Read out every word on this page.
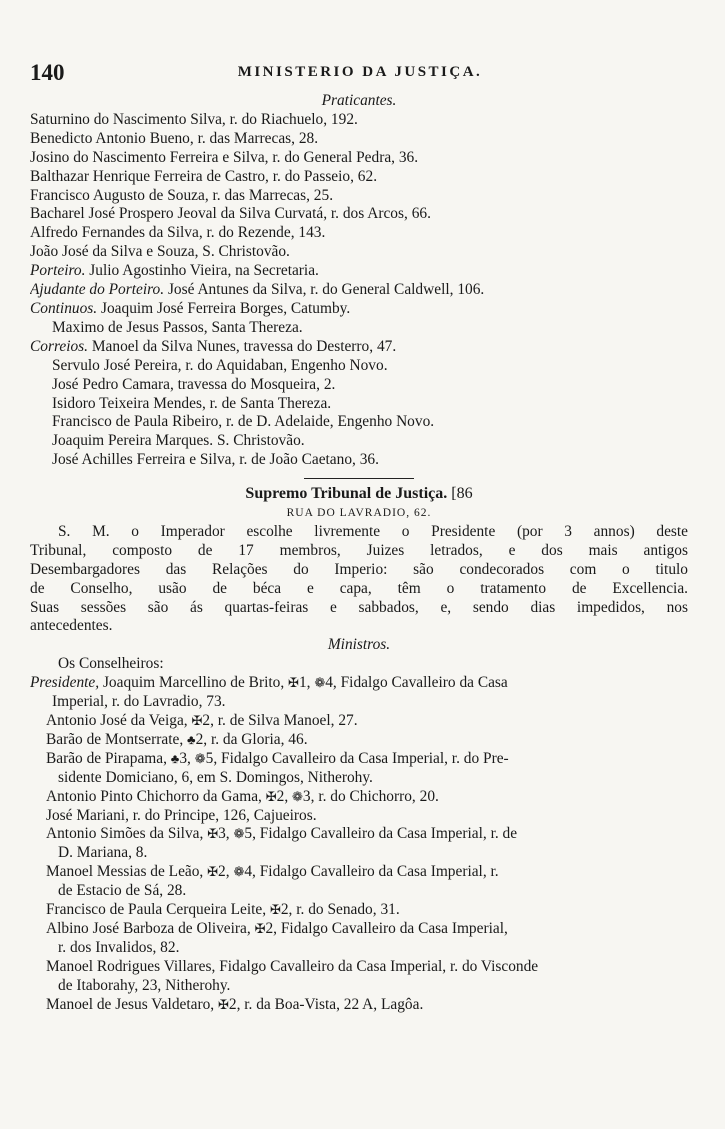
140	MINISTERIO DA JUSTIÇA.
Praticantes.
Saturnino do Nascimento Silva, r. do Riachuelo, 192.
Benedicto Antonio Bueno, r. das Marrecas, 28.
Josino do Nascimento Ferreira e Silva, r. do General Pedra, 36.
Balthazar Henrique Ferreira de Castro, r. do Passeio, 62.
Francisco Augusto de Souza, r. das Marrecas, 25.
Bacharel José Prospero Jeoval da Silva Curvatá, r. dos Arcos, 66.
Alfredo Fernandes da Silva, r. do Rezende, 143.
João José da Silva e Souza, S. Christovão.
Porteiro. Julio Agostinho Vieira, na Secretaria.
Ajudante do Porteiro. José Antunes da Silva, r. do General Caldwell, 106.
Continuos. Joaquim José Ferreira Borges, Catumby.
Maximo de Jesus Passos, Santa Thereza.
Correios. Manoel da Silva Nunes, travessa do Desterro, 47.
Servulo José Pereira, r. do Aquidaban, Engenho Novo.
José Pedro Camara, travessa do Mosqueira, 2.
Isidoro Teixeira Mendes, r. de Santa Thereza.
Francisco de Paula Ribeiro, r. de D. Adelaide, Engenho Novo.
Joaquim Pereira Marques. S. Christovão.
José Achilles Ferreira e Silva, r. de João Caetano, 36.
Supremo Tribunal de Justiça. [86
RUA DO LAVRADIO, 62.
S. M. o Imperador escolhe livremente o Presidente (por 3 annos) deste
Tribunal, composto de 17 membros, Juizes letrados, e dos mais antigos
Desembargadores das Relações do Imperio: são condecorados com o titulo
de Conselho, usão de béca e capa, têm o tratamento de Excellencia.
Suas sessões são ás quartas-feiras e sabbados, e, sendo dias impedidos, nos
antecedentes.
Ministros.
Os Conselheiros:
Presidente, Joaquim Marcellino de Brito, ✠1, ❁4, Fidalgo Cavalleiro da Casa
Imperial, r. do Lavradio, 73.
Antonio José da Veiga, ✠2, r. de Silva Manoel, 27.
Barão de Montserrate, ♣2, r. da Gloria, 46.
Barão de Pirapama, ♣3, ❁5, Fidalgo Cavalleiro da Casa Imperial, r. do Pre-
sidente Domiciano, 6, em S. Domingos, Nitherohy.
Antonio Pinto Chichorro da Gama, ✠2, ❁3, r. do Chichorro, 20.
José Mariani, r. do Principe, 126, Cajueiros.
Antonio Simões da Silva, ✠3, ❁5, Fidalgo Cavalleiro da Casa Imperial, r. de
D. Mariana, 8.
Manoel Messias de Leão, ✠2, ❁4, Fidalgo Cavalleiro da Casa Imperial, r.
de Estacio de Sá, 28.
Francisco de Paula Cerqueira Leite, ✠2, r. do Senado, 31.
Albino José Barboza de Oliveira, ✠2, Fidalgo Cavalleiro da Casa Imperial,
r. dos Invalidos, 82.
Manoel Rodrigues Villares, Fidalgo Cavalleiro da Casa Imperial, r. do Visconde
de Itaborahy, 23, Nitherohy.
Manoel de Jesus Valdetaro, ✠2, r. da Boa-Vista, 22 A, Lagôa.
